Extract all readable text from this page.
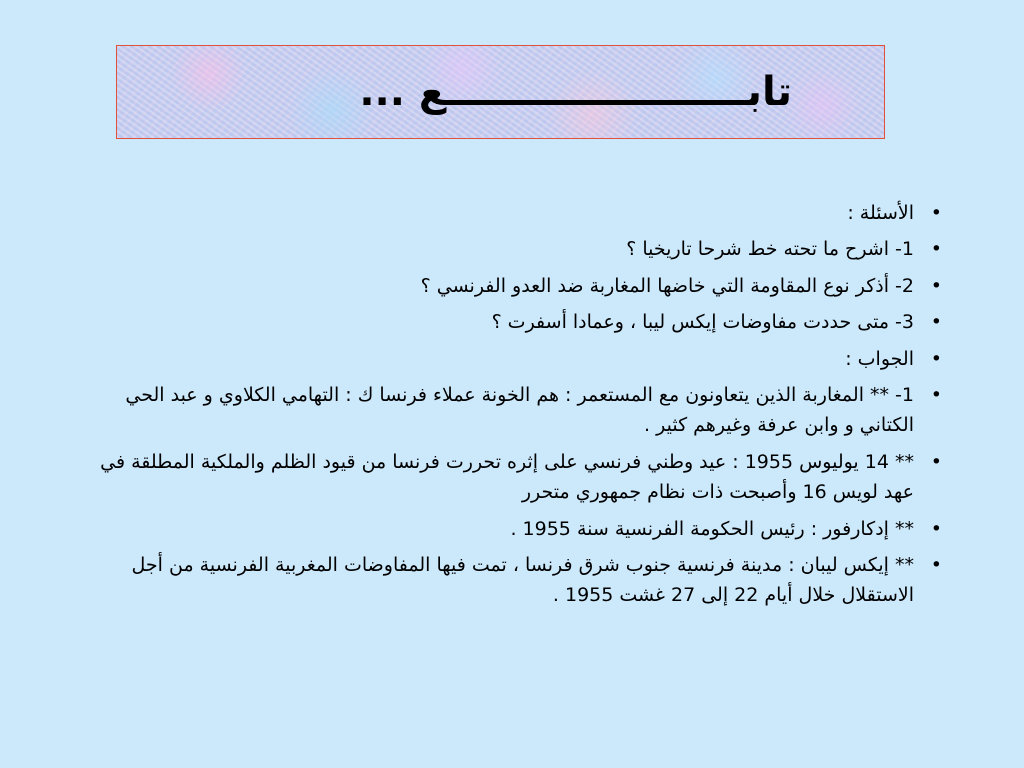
تابــــــــــــــــــــــع ...
•
الأسئلة :
•
1- اشرح ما تحته خط شرحا تاريخيا ؟
•
2- أذكر نوع المقاومة التي خاضها المغاربة ضد العدو الفرنسي ؟
•
3- متى حددت مفاوضات إيكس ليبا ، وعمادا أسفرت ؟
•
الجواب :
•
1- ** المغاربة الذين يتعاونون مع المستعمر : هم الخونة عملاء فرنسا ك : التهامي الكلاوي و عبد الحي الكتاني و وابن عرفة وغيرهم كثير .
•
** 14 يوليوس 1955 : عيد وطني فرنسي على إثره تحررت فرنسا من قيود الظلم والملكية المطلقة في عهد لويس 16 وأصبحت ذات نظام جمهوري متحرر
•
** إدكارفور : رئيس الحكومة الفرنسية سنة 1955 .
•
** إيكس ليبان : مدينة فرنسية جنوب شرق فرنسا ، تمت فيها المفاوضات المغربية الفرنسية من أجل الاستقلال خلال أيام 22 إلى 27 غشت 1955 .
